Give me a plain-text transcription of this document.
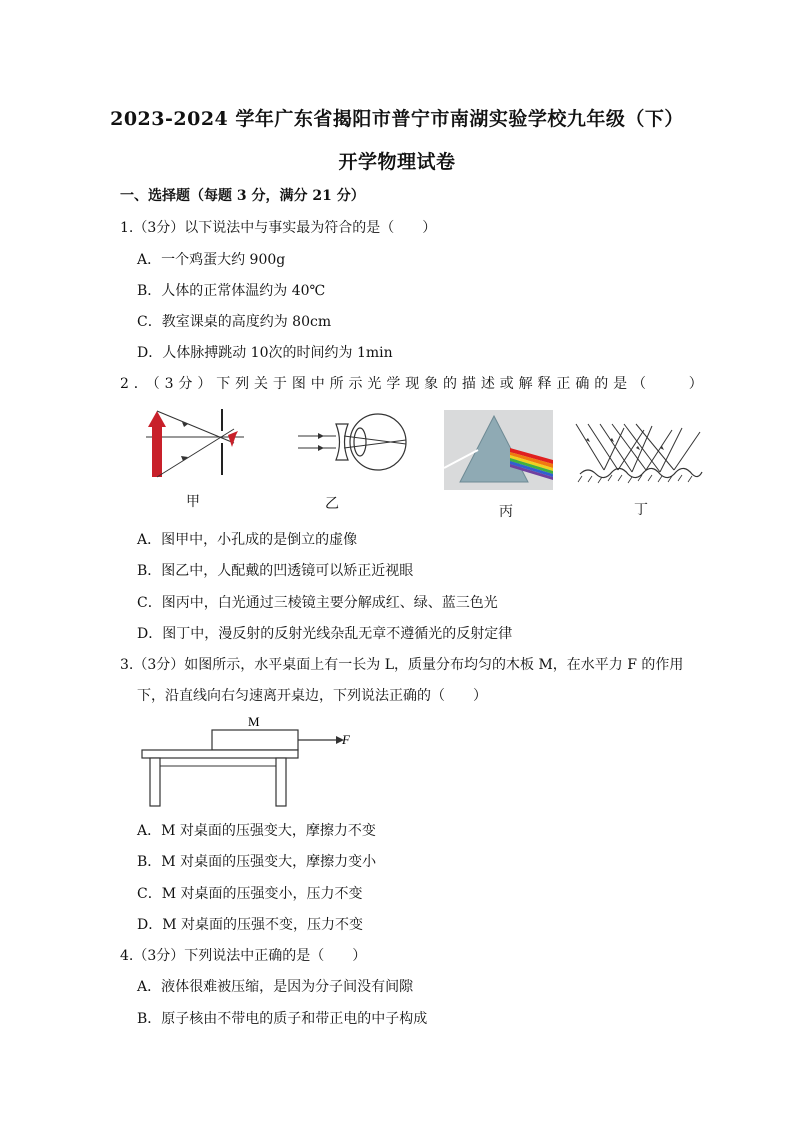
2023-2024 学年广东省揭阳市普宁市南湖实验学校九年级（下）
开学物理试卷
一、选择题（每题 3 分，满分 21 分）
1.（3分）以下说法中与事实最为符合的是（　　）
A．一个鸡蛋大约 900g
B．人体的正常体温约为 40℃
C．教室课桌的高度约为 80cm
D．人体脉搏跳动 10次的时间约为 1min
2．（3分）下列关于图中所示光学现象的描述或解释正确的是（　　）
甲	乙	丙	丁
A．图甲中，小孔成的是倒立的虚像
B．图乙中，人配戴的凹透镜可以矫正近视眼
C．图丙中，白光通过三棱镜主要分解成红、绿、蓝三色光
D．图丁中，漫反射的反射光线杂乱无章不遵循光的反射定律
3.（3分）如图所示，水平桌面上有一长为 L，质量分布均匀的木板 M，在水平力 F 的作用
下，沿直线向右匀速离开桌边，下列说法正确的（　　）
M
F
A．M 对桌面的压强变大，摩擦力不变
B．M 对桌面的压强变大，摩擦力变小
C．M 对桌面的压强变小，压力不变
D．M 对桌面的压强不变，压力不变
4.（3分）下列说法中正确的是（　　）
A．液体很难被压缩，是因为分子间没有间隙
B．原子核由不带电的质子和带正电的中子构成
